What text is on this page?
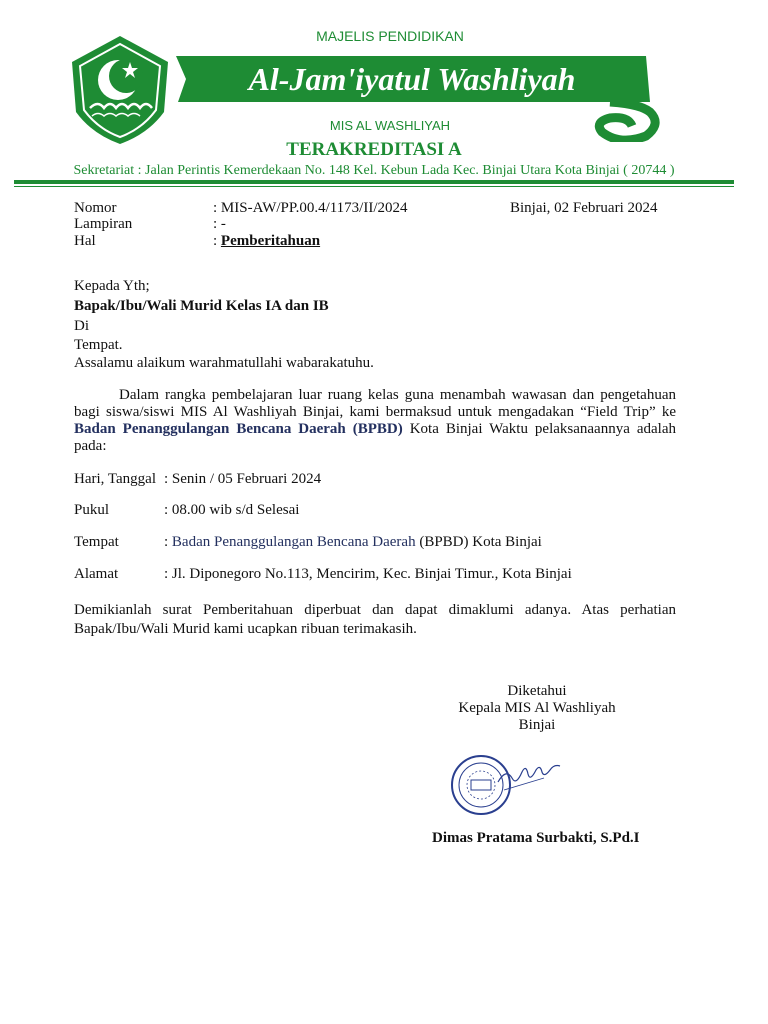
MAJELIS PENDIDIKAN
Al-Jam'iyatul Washliyah
MIS AL WASHLIYAH
TERAKREDITASI A
Sekretariat : Jalan Perintis Kemerdekaan No. 148 Kel. Kebun Lada Kec. Binjai Utara Kota Binjai ( 20744 )
Nomor	: MIS-AW/PP.00.4/1173/II/2024	Binjai, 02 Februari 2024
Lampiran	: -
Hal	: Pemberitahuan
Kepada Yth;
Bapak/Ibu/Wali Murid Kelas IA dan IB
Di
Tempat.
Assalamu alaikum warahmatullahi wabarakatuhu.
Dalam rangka pembelajaran luar ruang kelas guna menambah wawasan dan pengetahuan bagi siswa/siswi MIS Al Washliyah Binjai, kami bermaksud untuk mengadakan “Field Trip” ke Badan Penanggulangan Bencana Daerah (BPBD) Kota Binjai Waktu pelaksanaannya adalah pada:
Hari, Tanggal : Senin / 05 Februari 2024
Pukul	: 08.00 wib s/d Selesai
Tempat	: Badan Penanggulangan Bencana Daerah (BPBD) Kota Binjai
Alamat	: Jl. Diponegoro No.113, Mencirim, Kec. Binjai Timur., Kota Binjai
Demikianlah surat Pemberitahuan diperbuat dan dapat dimaklumi adanya. Atas perhatian Bapak/Ibu/Wali Murid kami ucapkan ribuan terimakasih.
Diketahui
Kepala MIS Al Washliyah
Binjai
Dimas Pratama Surbakti, S.Pd.I
